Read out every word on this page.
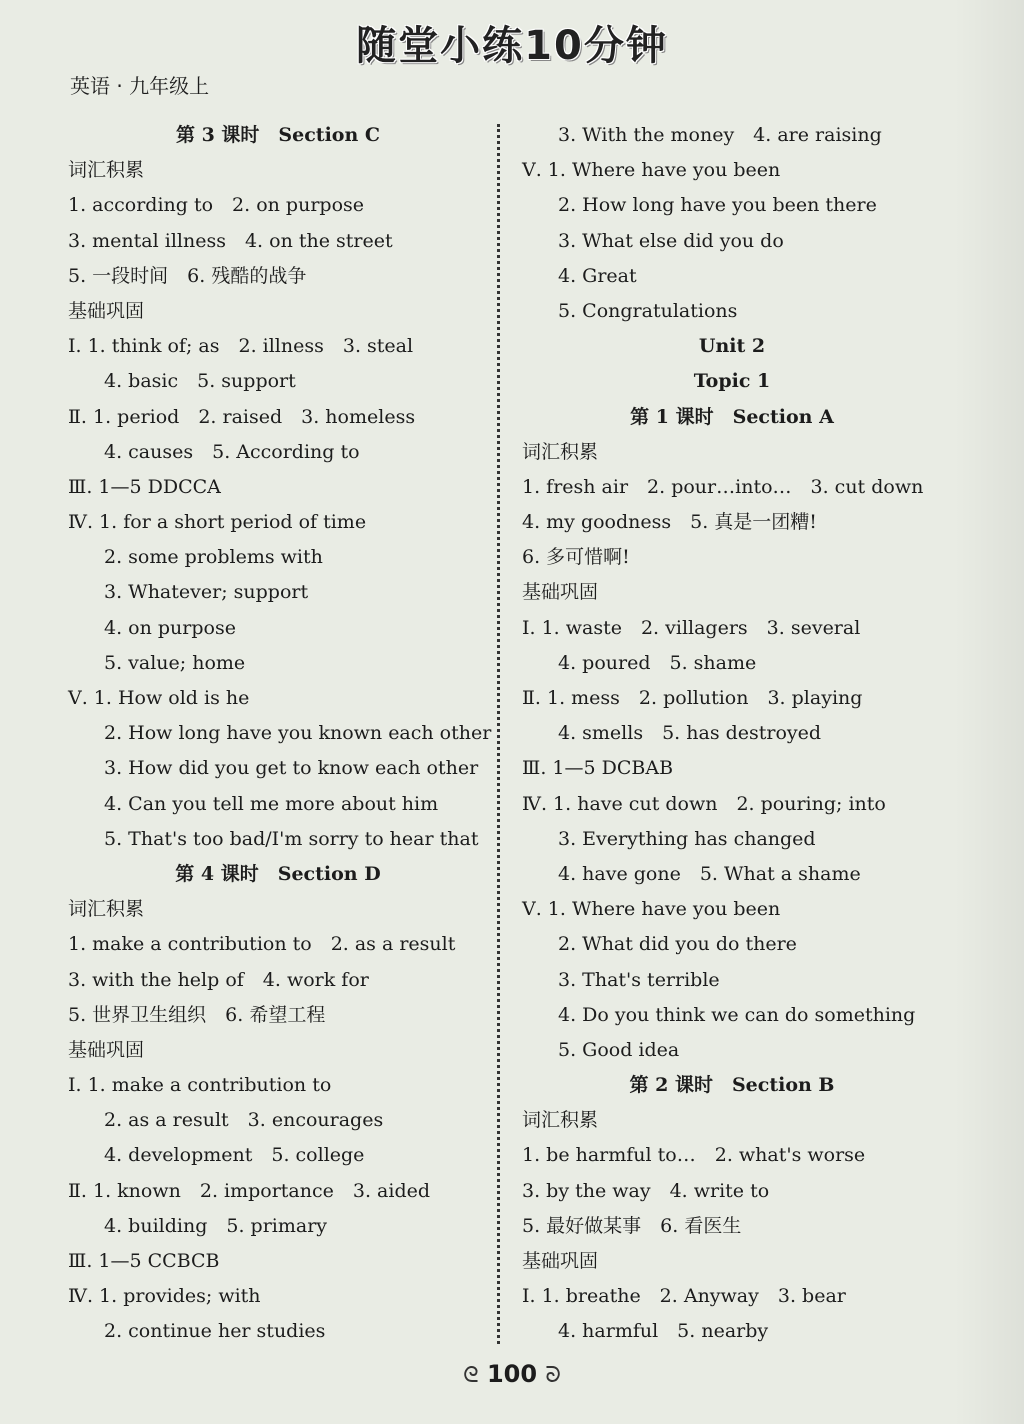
随堂小练10分钟
英语 · 九年级上
第 3 课时　Section C
词汇积累
1. according to　2. on purpose
3. mental illness　4. on the street
5. 一段时间　6. 残酷的战争
基础巩固
Ⅰ. 1. think of; as　2. illness　3. steal
4. basic　5. support
Ⅱ. 1. period　2. raised　3. homeless
4. causes　5. According to
Ⅲ. 1—5 DDCCA
Ⅳ. 1. for a short period of time
2. some problems with
3. Whatever; support
4. on purpose
5. value; home
Ⅴ. 1. How old is he
2. How long have you known each other
3. How did you get to know each other
4. Can you tell me more about him
5. That's too bad/I'm sorry to hear that
第 4 课时　Section D
词汇积累
1. make a contribution to　2. as a result
3. with the help of　4. work for
5. 世界卫生组织　6. 希望工程
基础巩固
Ⅰ. 1. make a contribution to
2. as a result　3. encourages
4. development　5. college
Ⅱ. 1. known　2. importance　3. aided
4. building　5. primary
Ⅲ. 1—5 CCBCB
Ⅳ. 1. provides; with
2. continue her studies
3. With the money　4. are raising
Ⅴ. 1. Where have you been
2. How long have you been there
3. What else did you do
4. Great
5. Congratulations
Unit 2
Topic 1
第 1 课时　Section A
词汇积累
1. fresh air　2. pour…into…　3. cut down
4. my goodness　5. 真是一团糟!
6. 多可惜啊!
基础巩固
Ⅰ. 1. waste　2. villagers　3. several
4. poured　5. shame
Ⅱ. 1. mess　2. pollution　3. playing
4. smells　5. has destroyed
Ⅲ. 1—5 DCBAB
Ⅳ. 1. have cut down　2. pouring; into
3. Everything has changed
4. have gone　5. What a shame
Ⅴ. 1. Where have you been
2. What did you do there
3. That's terrible
4. Do you think we can do something
5. Good idea
第 2 课时　Section B
词汇积累
1. be harmful to…　2. what's worse
3. by the way　4. write to
5. 最好做某事　6. 看医生
基础巩固
Ⅰ. 1. breathe　2. Anyway　3. bear
4. harmful　5. nearby
ᘓ 100 ᘐ
